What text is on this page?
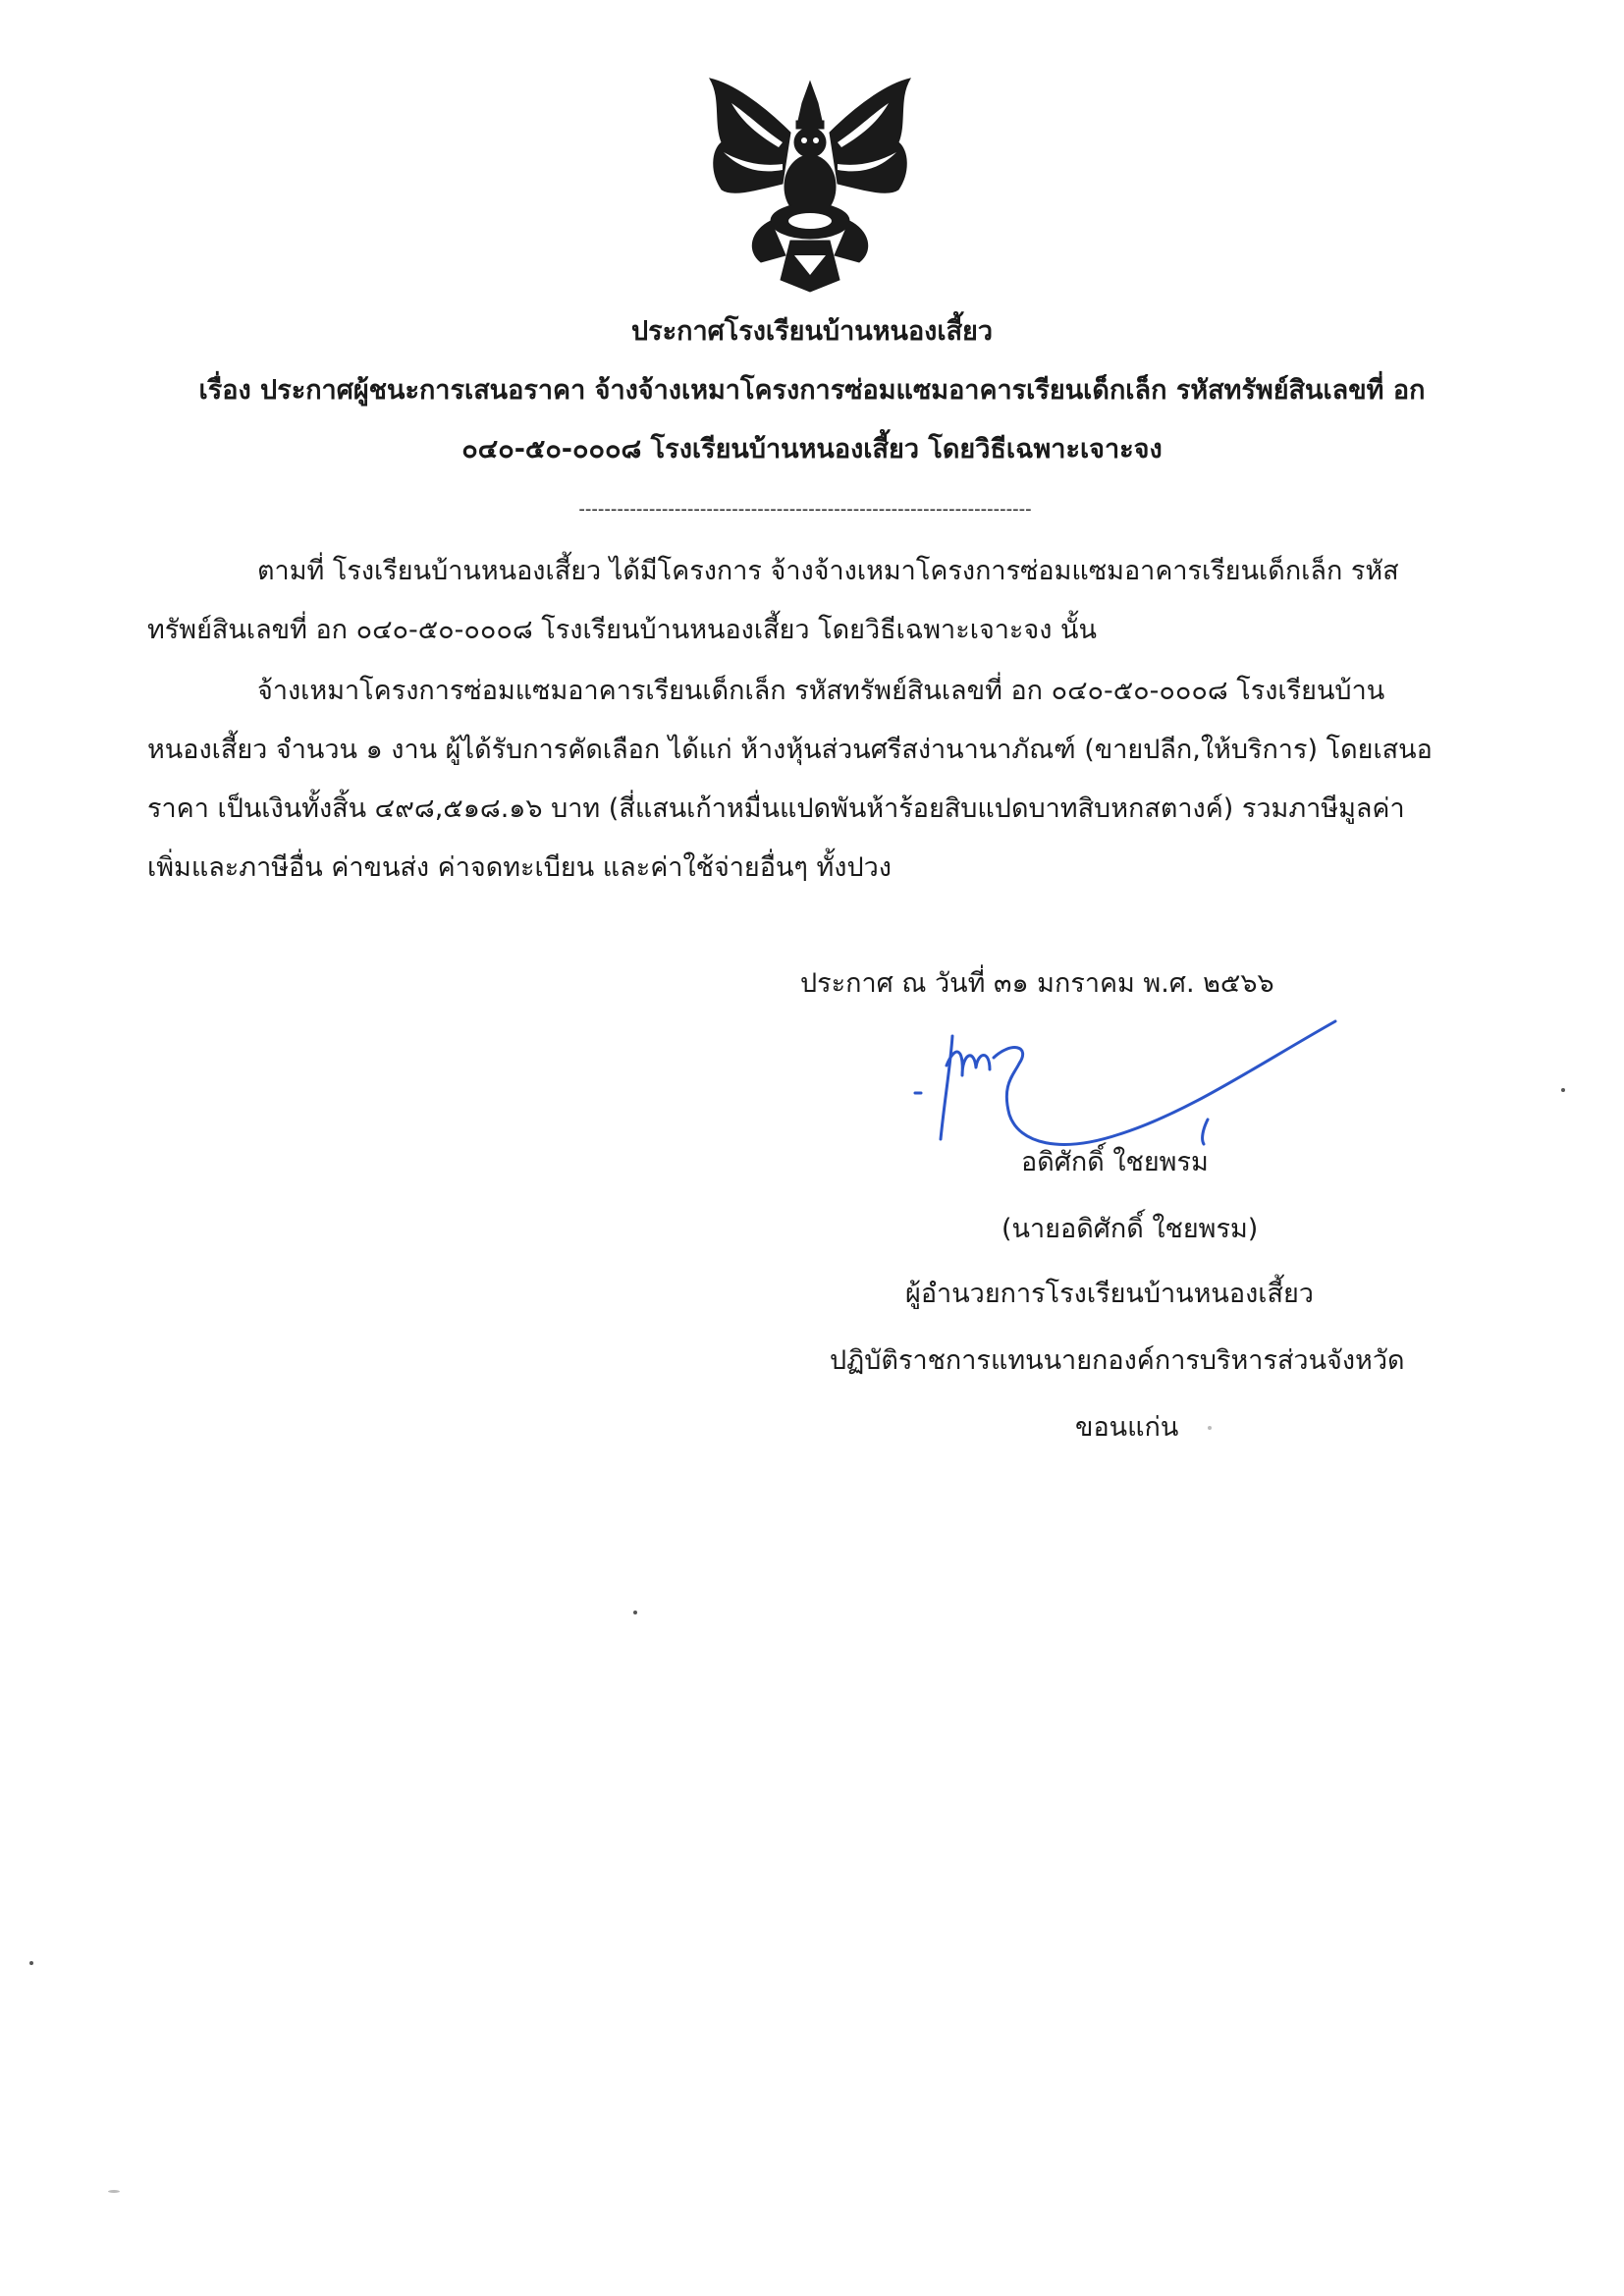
ประกาศโรงเรียนบ้านหนองเสี้ยว
เรื่อง ประกาศผู้ชนะการเสนอราคา จ้างจ้างเหมาโครงการซ่อมแซมอาคารเรียนเด็กเล็ก รหัสทรัพย์สินเลขที่ อก
๐๔๐-๕๐-๐๐๐๘ โรงเรียนบ้านหนองเสี้ยว โดยวิธีเฉพาะเจาะจง
-----------------------------------------------------------------------
ตามที่ โรงเรียนบ้านหนองเสี้ยว ได้มีโครงการ จ้างจ้างเหมาโครงการซ่อมแซมอาคารเรียนเด็กเล็ก รหัส
ทรัพย์สินเลขที่ อก ๐๔๐-๕๐-๐๐๐๘ โรงเรียนบ้านหนองเสี้ยว โดยวิธีเฉพาะเจาะจง นั้น
จ้างเหมาโครงการซ่อมแซมอาคารเรียนเด็กเล็ก รหัสทรัพย์สินเลขที่ อก ๐๔๐-๕๐-๐๐๐๘ โรงเรียนบ้าน
หนองเสี้ยว จำนวน ๑ งาน ผู้ได้รับการคัดเลือก ได้แก่ ห้างหุ้นส่วนศรีสง่านานาภัณฑ์ (ขายปลีก,ให้บริการ) โดยเสนอ
ราคา เป็นเงินทั้งสิ้น ๔๙๘,๕๑๘.๑๖ บาท (สี่แสนเก้าหมื่นแปดพันห้าร้อยสิบแปดบาทสิบหกสตางค์) รวมภาษีมูลค่า
เพิ่มและภาษีอื่น ค่าขนส่ง ค่าจดทะเบียน และค่าใช้จ่ายอื่นๆ ทั้งปวง
ประกาศ ณ วันที่ ๓๑ มกราคม พ.ศ. ๒๕๖๖
อดิศักดิ์ ใชยพรม
(นายอดิศักดิ์ ใชยพรม)
ผู้อำนวยการโรงเรียนบ้านหนองเสี้ยว
ปฏิบัติราชการแทนนายกองค์การบริหารส่วนจังหวัด
ขอนแก่น
